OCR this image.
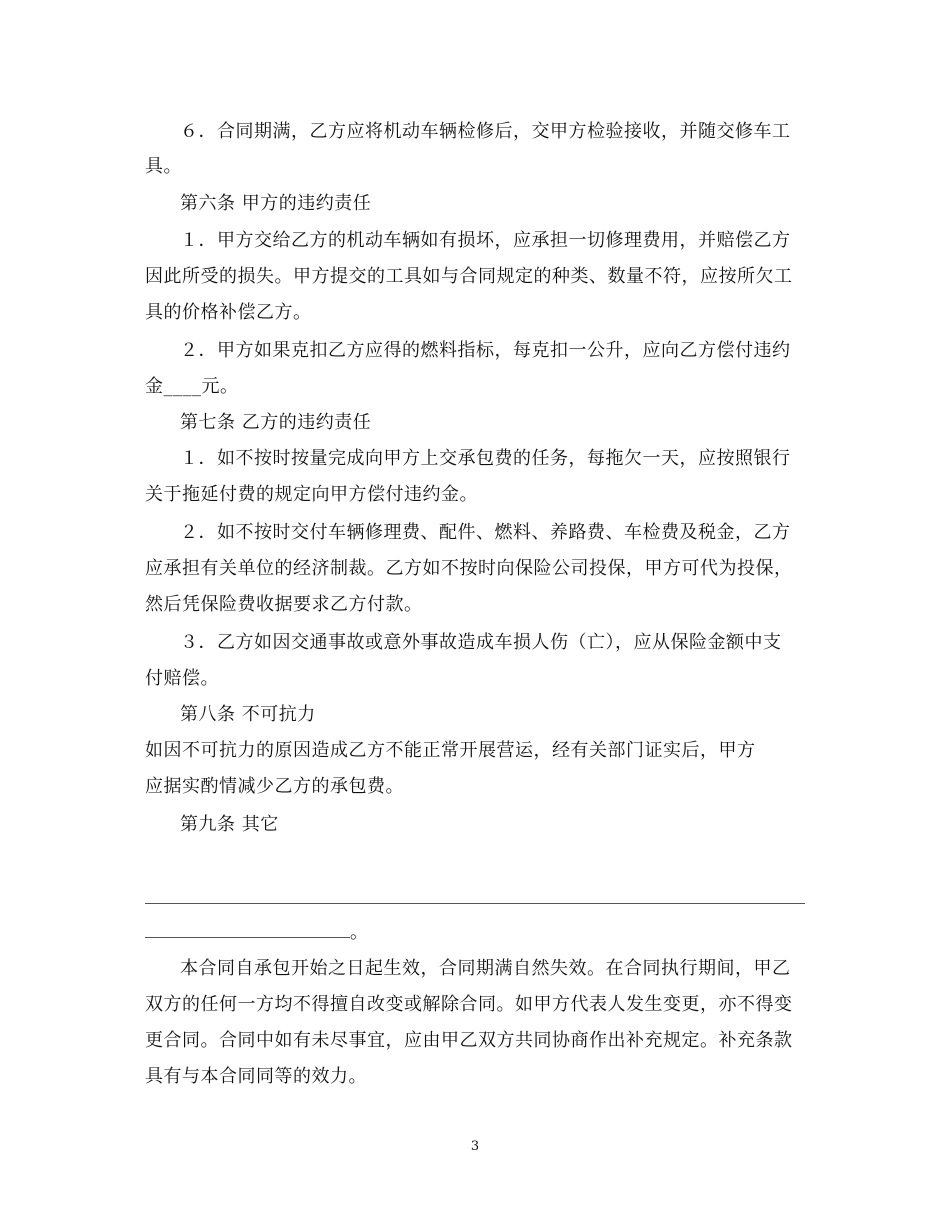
６．合同期满，乙方应将机动车辆检修后，交甲方检验接收，并随交修车工
具。
第六条 甲方的违约责任
１．甲方交给乙方的机动车辆如有损坏，应承担一切修理费用，并赔偿乙方
因此所受的损失。甲方提交的工具如与合同规定的种类、数量不符，应按所欠工
具的价格补偿乙方。
２．甲方如果克扣乙方应得的燃料指标，每克扣一公升，应向乙方偿付违约
金____元。
第七条 乙方的违约责任
１．如不按时按量完成向甲方上交承包费的任务，每拖欠一天，应按照银行
关于拖延付费的规定向甲方偿付违约金。
２．如不按时交付车辆修理费、配件、燃料、养路费、车检费及税金，乙方
应承担有关单位的经济制裁。乙方如不按时向保险公司投保，甲方可代为投保，
然后凭保险费收据要求乙方付款。
３．乙方如因交通事故或意外事故造成车损人伤（亡），应从保险金额中支
付赔偿。
第八条 不可抗力
如因不可抗力的原因造成乙方不能正常开展营运，经有关部门证实后，甲方
应据实酌情减少乙方的承包费。
第九条 其它
。
本合同自承包开始之日起生效，合同期满自然失效。在合同执行期间，甲乙
双方的任何一方均不得擅自改变或解除合同。如甲方代表人发生变更，亦不得变
更合同。合同中如有未尽事宜，应由甲乙双方共同协商作出补充规定。补充条款
具有与本合同同等的效力。
3
